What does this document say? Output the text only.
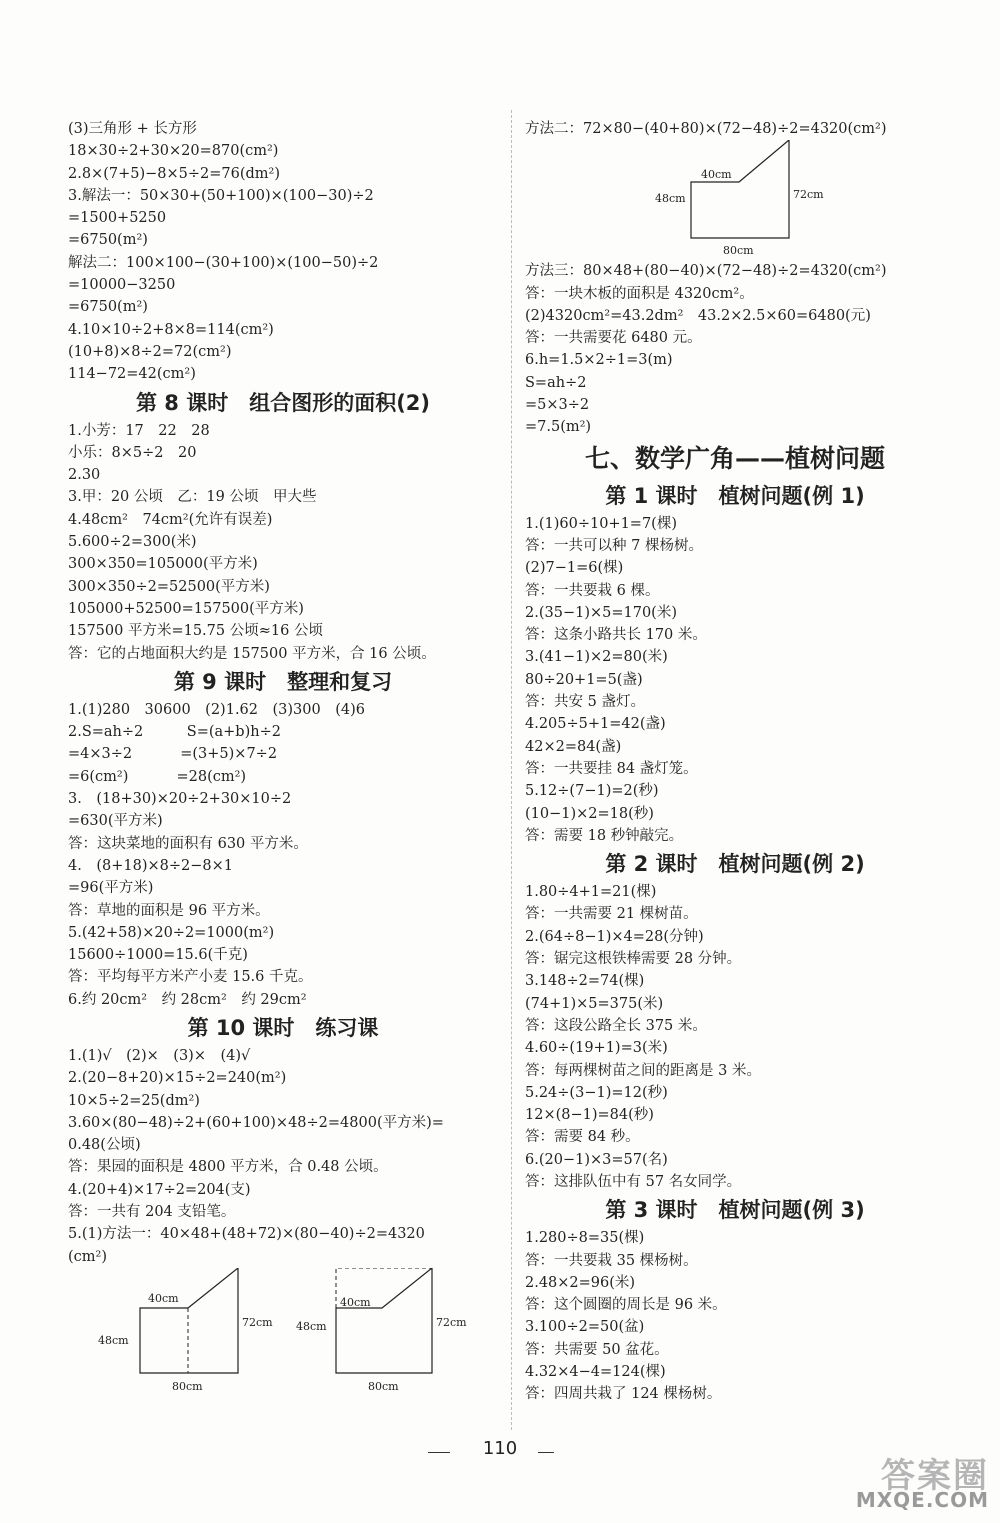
(3)三角形 + 长方形
18×30÷2+30×20=870(cm²)
2.8×(7+5)−8×5÷2=76(dm²)
3.解法一：50×30+(50+100)×(100−30)÷2
=1500+5250
=6750(m²)
解法二：100×100−(30+100)×(100−50)÷2
=10000−3250
=6750(m²)
4.10×10÷2+8×8=114(cm²)
(10+8)×8÷2=72(cm²)
114−72=42(cm²)
第 8 课时　组合图形的面积(2)
1.小芳：17　22　28
小乐：8×5÷2　20
2.30
3.甲：20 公顷　乙：19 公顷　甲大些
4.48cm²　74cm²(允许有误差)
5.600÷2=300(米)
300×350=105000(平方米)
300×350÷2=52500(平方米)
105000+52500=157500(平方米)
157500 平方米=15.75 公顷≈16 公顷
答：它的占地面积大约是 157500 平方米，合 16 公顷。
第 9 课时　整理和复习
1.(1)280　30600　(2)1.62　(3)300　(4)6
2.S=ah÷2　　　S=(a+b)h÷2
=4×3÷2　　　 =(3+5)×7÷2
=6(cm²)　　　 =28(cm²)
3.　(18+30)×20÷2+30×10÷2
=630(平方米)
答：这块菜地的面积有 630 平方米。
4.　(8+18)×8÷2−8×1
=96(平方米)
答：草地的面积是 96 平方米。
5.(42+58)×20÷2=1000(m²)
15600÷1000=15.6(千克)
答：平均每平方米产小麦 15.6 千克。
6.约 20cm²　约 28cm²　约 29cm²
第 10 课时　练习课
1.(1)√　(2)×　(3)×　(4)√
2.(20−8+20)×15÷2=240(m²)
10×5÷2=25(dm²)
3.60×(80−48)÷2+(60+100)×48÷2=4800(平方米)=
0.48(公顷)
答：果园的面积是 4800 平方米，合 0.48 公顷。
4.(20+4)×17÷2=204(支)
答：一共有 204 支铅笔。
5.(1)方法一：40×48+(48+72)×(80−40)÷2=4320
(cm²)
40cm
48cm
72cm
80cm
40cm
48cm	72cm
80cm
方法二：72×80−(40+80)×(72−48)÷2=4320(cm²)
40cm
48cm	72cm
80cm
方法三：80×48+(80−40)×(72−48)÷2=4320(cm²)
答：一块木板的面积是 4320cm²。
(2)4320cm²=43.2dm²　43.2×2.5×60=6480(元)
答：一共需要花 6480 元。
6.h=1.5×2÷1=3(m)
S=ah÷2
=5×3÷2
=7.5(m²)
七、数学广角——植树问题
第 1 课时　植树问题(例 1)
1.(1)60÷10+1=7(棵)
答：一共可以种 7 棵杨树。
(2)7−1=6(棵)
答：一共要栽 6 棵。
2.(35−1)×5=170(米)
答：这条小路共长 170 米。
3.(41−1)×2=80(米)
80÷20+1=5(盏)
答：共安 5 盏灯。
4.205÷5+1=42(盏)
42×2=84(盏)
答：一共要挂 84 盏灯笼。
5.12÷(7−1)=2(秒)
(10−1)×2=18(秒)
答：需要 18 秒钟敲完。
第 2 课时　植树问题(例 2)
1.80÷4+1=21(棵)
答：一共需要 21 棵树苗。
2.(64÷8−1)×4=28(分钟)
答：锯完这根铁棒需要 28 分钟。
3.148÷2=74(棵)
(74+1)×5=375(米)
答：这段公路全长 375 米。
4.60÷(19+1)=3(米)
答：每两棵树苗之间的距离是 3 米。
5.24÷(3−1)=12(秒)
12×(8−1)=84(秒)
答：需要 84 秒。
6.(20−1)×3=57(名)
答：这排队伍中有 57 名女同学。
第 3 课时　植树问题(例 3)
1.280÷8=35(棵)
答：一共要栽 35 棵杨树。
2.48×2=96(米)
答：这个圆圈的周长是 96 米。
3.100÷2=50(盆)
答：共需要 50 盆花。
4.32×4−4=124(棵)
答：四周共栽了 124 棵杨树。
110
答案圈
MXQE.COM
